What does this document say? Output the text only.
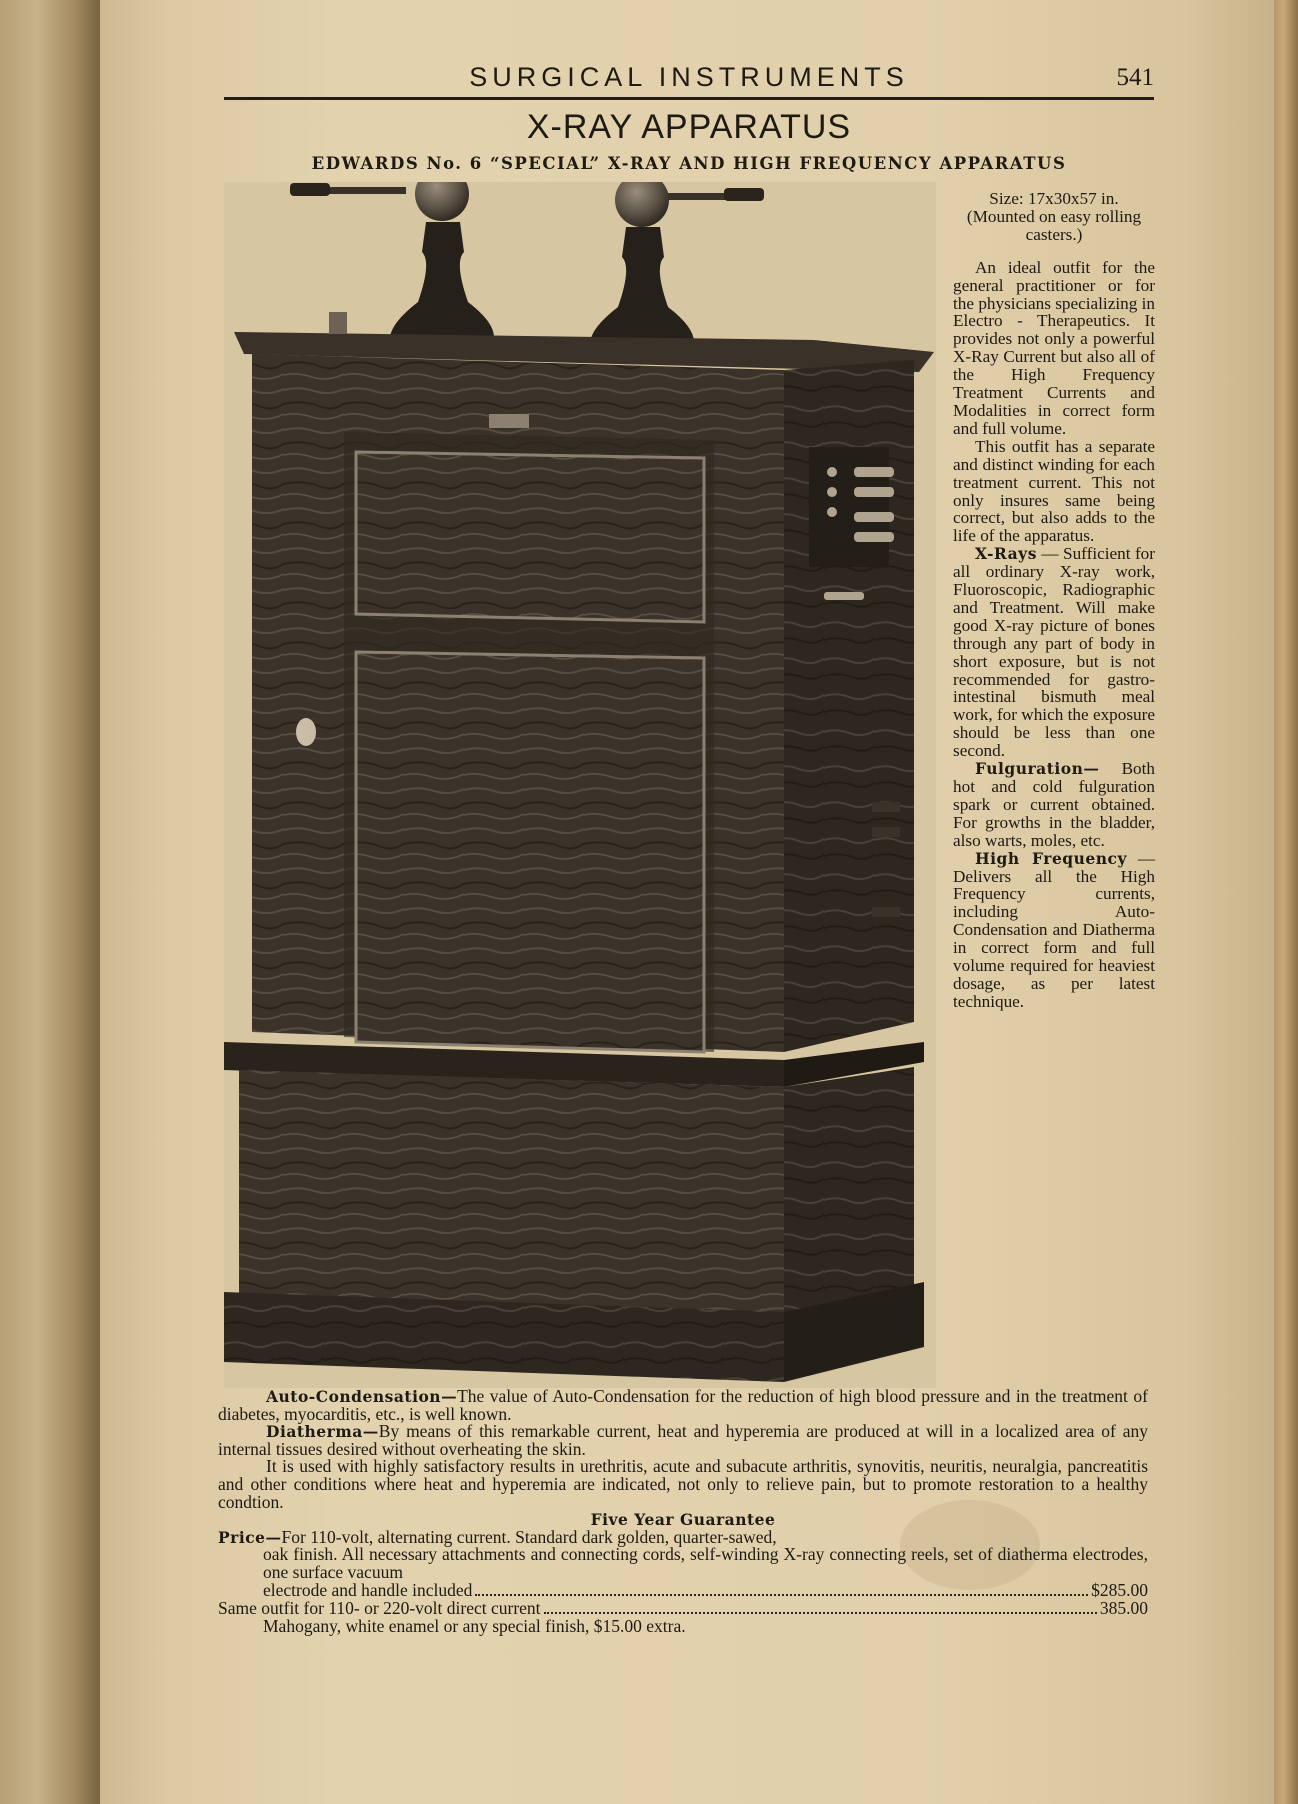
SURGICAL INSTRUMENTS	541
X-RAY APPARATUS
EDWARDS No. 6 “SPECIAL” X-RAY AND HIGH FREQUENCY APPARATUS

Size: 17x30x57 in.

(Mounted on easy rolling casters.)

An ideal outfit for the general practitioner or for the physicians specializing in Electro - Therapeutics. It provides not only a powerful X-Ray Current but also all of the High Frequency Treatment Currents and Modalities in correct form and full volume.

This outfit has a separate and distinct winding for each treatment current. This not only insures same being correct, but also adds to the life of the apparatus.

X-Rays — Sufficient for all ordinary X-ray work, Fluoroscopic, Radiographic and Treatment. Will make good X-ray picture of bones through any part of body in short exposure, but is not recommended for gastro-intestinal bismuth meal work, for which the exposure should be less than one second.

Fulguration— Both hot and cold fulguration spark or current obtained. For growths in the bladder, also warts, moles, etc.

High Frequency —Delivers all the High Frequency currents, including Auto-Condensation and Diatherma in correct form and full volume required for heaviest dosage, as per latest technique.

Auto-Condensation—The value of Auto-Condensation for the reduction of high blood pressure and in the treatment of diabetes, myocarditis, etc., is well known.

Diatherma—By means of this remarkable current, heat and hyperemia are produced at will in a localized area of any internal tissues desired without overheating the skin.

It is used with highly satisfactory results in urethritis, acute and subacute arthritis, synovitis, neuritis, neuralgia, pancreatitis and other conditions where heat and hyperemia are indicated, not only to relieve pain, but to promote restoration to a healthy condtion.

Five Year Guarantee

Price—For 110-volt, alternating current. Standard dark golden, quarter-sawed,

oak finish. All necessary attachments and connecting cords, self-winding X-ray connecting reels, set of diatherma electrodes, one surface vacuum

electrode and handle included	$285.00
Same outfit for 110- or 220-volt direct current	385.00

Mahogany, white enamel or any special finish, $15.00 extra.
